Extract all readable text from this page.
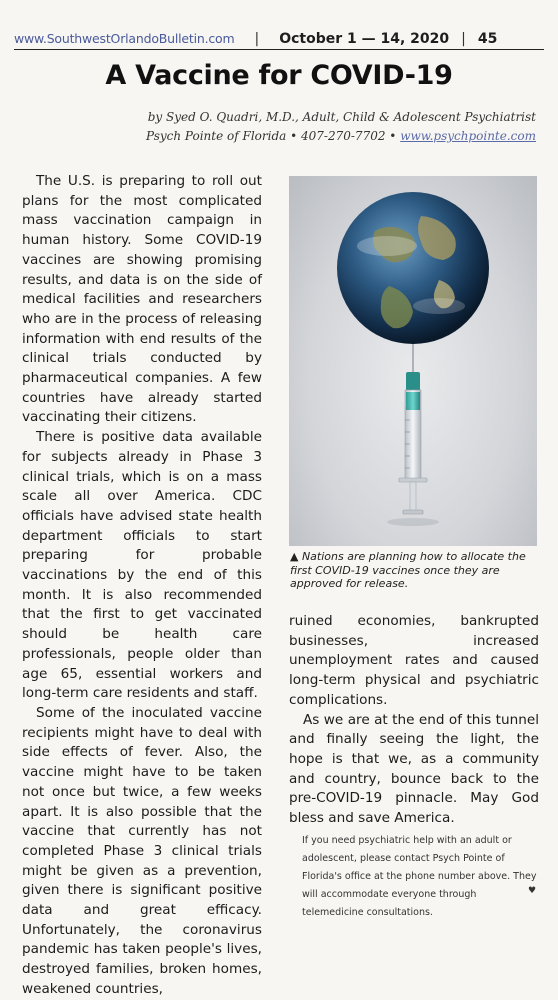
www.SouthwestOrlandoBulletin.com | October 1 — 14, 2020 | 45
A Vaccine for COVID-19
by Syed O. Quadri, M.D., Adult, Child & Adolescent Psychiatrist
Psych Pointe of Florida • 407-270-7702 • www.psychpointe.com

The U.S. is preparing to roll out plans for the most complicated mass vaccination campaign in human history. Some COVID-19 vaccines are showing promising results, and data is on the side of medical facilities and researchers who are in the process of releasing information with end results of the clinical trials conducted by pharmaceutical companies. A few countries have already started vaccinating their citizens.

There is positive data available for subjects already in Phase 3 clinical trials, which is on a mass scale all over America. CDC officials have advised state health department officials to start preparing for probable vaccinations by the end of this month. It is also recommended that the first to get vaccinated should be health care professionals, people older than age 65, essential workers and long-term care residents and staff.

Some of the inoculated vaccine recipients might have to deal with side effects of fever. Also, the vaccine might have to be taken not once but twice, a few weeks apart. It is also possible that the vaccine that currently has not completed Phase 3 clinical trials might be given as a prevention, given there is significant positive data and great efficacy. Unfortunately, the coronavirus pandemic has taken people's lives, destroyed families, broken homes, weakened countries,

▲ Nations are planning how to allocate the first COVID-19 vaccines once they are approved for release.

ruined economies, bankrupted businesses, increased unemployment rates and caused long-term physical and psychiatric complications.

As we are at the end of this tunnel and finally seeing the light, the hope is that we, as a community and country, bounce back to the pre-COVID-19 pinnacle. May God bless and save America.

If you need psychiatric help with an adult or adolescent, please contact Psych Pointe of Florida's office at the phone number above. They will accommodate everyone through telemedicine consultations.
♥
